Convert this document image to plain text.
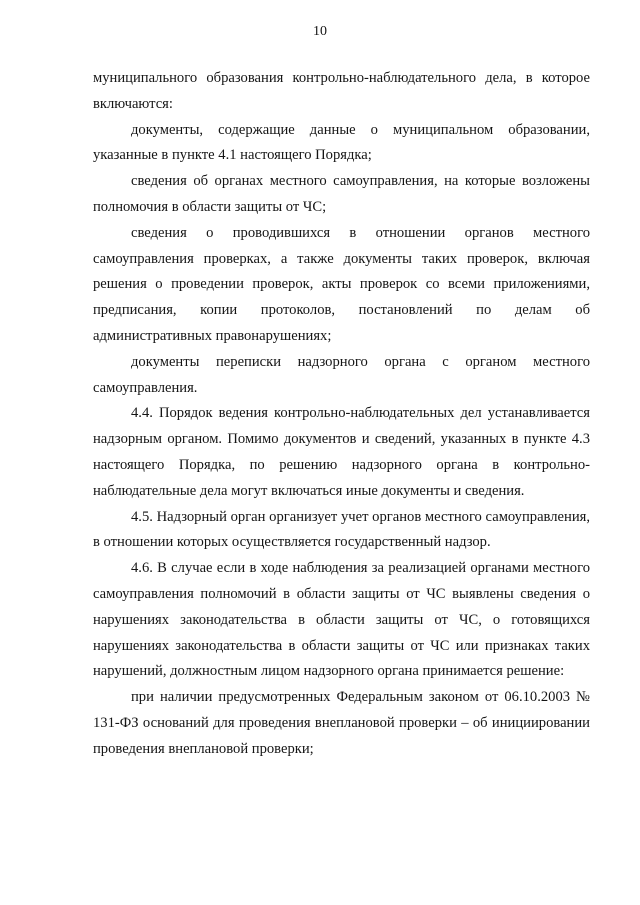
10

муниципального образования контрольно-наблюдательного дела, в которое включаются:

документы, содержащие данные о муниципальном образовании, указанные в пункте 4.1 настоящего Порядка;

сведения об органах местного самоуправления, на которые возложены полномочия в области защиты от ЧС;

сведения о проводившихся в отношении органов местного самоуправления проверках, а также документы таких проверок, включая решения о проведении проверок, акты проверок со всеми приложениями, предписания, копии протоколов, постановлений по делам об административных правонарушениях;

документы переписки надзорного органа с органом местного самоуправления.

4.4. Порядок ведения контрольно-наблюдательных дел устанавливается надзорным органом. Помимо документов и сведений, указанных в пункте 4.3 настоящего Порядка, по решению надзорного органа в контрольно-наблюдательные дела могут включаться иные документы и сведения.

4.5. Надзорный орган организует учет органов местного самоуправления, в отношении которых осуществляется государственный надзор.

4.6. В случае если в ходе наблюдения за реализацией органами местного самоуправления полномочий в области защиты от ЧС выявлены сведения о нарушениях законодательства в области защиты от ЧС, о готовящихся нарушениях законодательства в области защиты от ЧС или признаках таких нарушений, должностным лицом надзорного органа принимается решение:

при наличии предусмотренных Федеральным законом от 06.10.2003 № 131-ФЗ оснований для проведения внеплановой проверки – об инициировании проведения внеплановой проверки;
